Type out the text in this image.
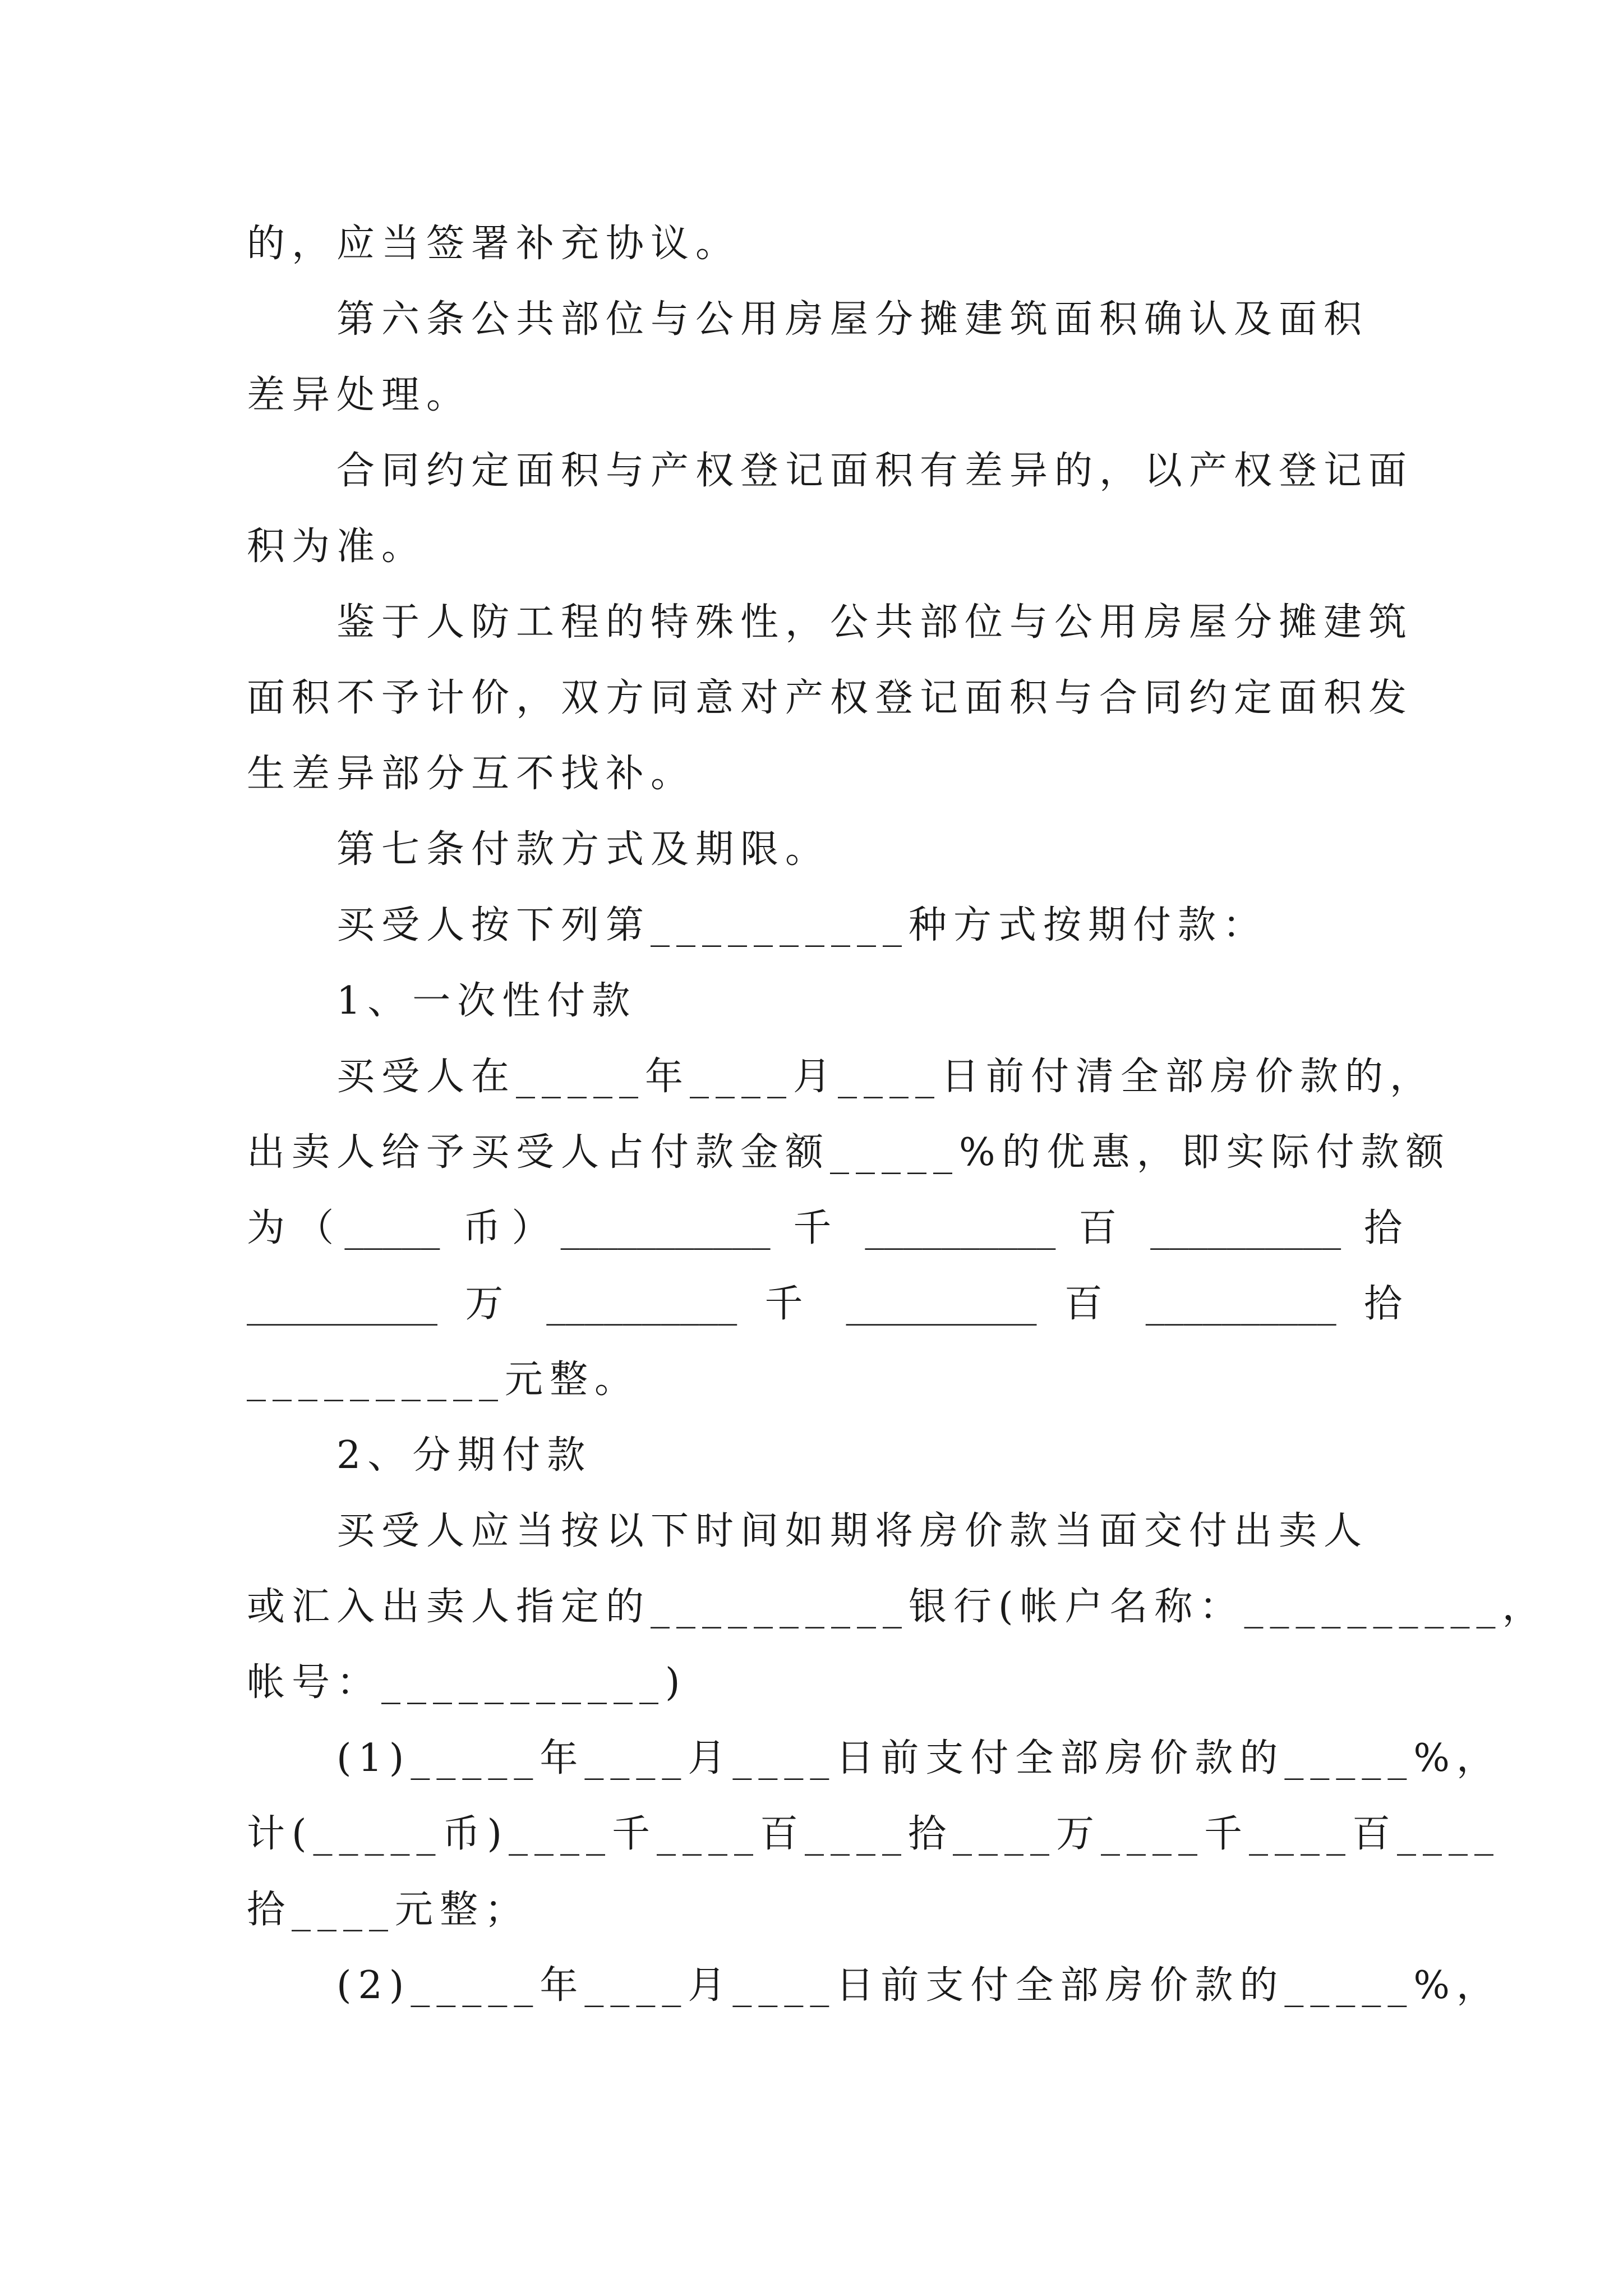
的，应当签署补充协议。
第六条公共部位与公用房屋分摊建筑面积确认及面积
差异处理。
合同约定面积与产权登记面积有差异的，以产权登记面
积为准。
鉴于人防工程的特殊性，公共部位与公用房屋分摊建筑
面积不予计价，双方同意对产权登记面积与合同约定面积发
生差异部分互不找补。
第七条付款方式及期限。
买受人按下列第__________种方式按期付款：
1、一次性付款
买受人在_____年____月____日前付清全部房价款的，
出卖人给予买受人占付款金额_____%的优惠，即实际付款额
为（_____ 币）___________ 千 __________ 百 __________ 拾
__________ 万 __________ 千 __________ 百 __________ 拾
__________元整。
2、分期付款
买受人应当按以下时间如期将房价款当面交付出卖人
或汇入出卖人指定的__________银行(帐户名称：__________，
帐号：___________)
(1)_____年____月____日前支付全部房价款的_____%，
计(_____币)____千____百____拾____万____千____百____
拾____元整；
(2)_____年____月____日前支付全部房价款的_____%，
